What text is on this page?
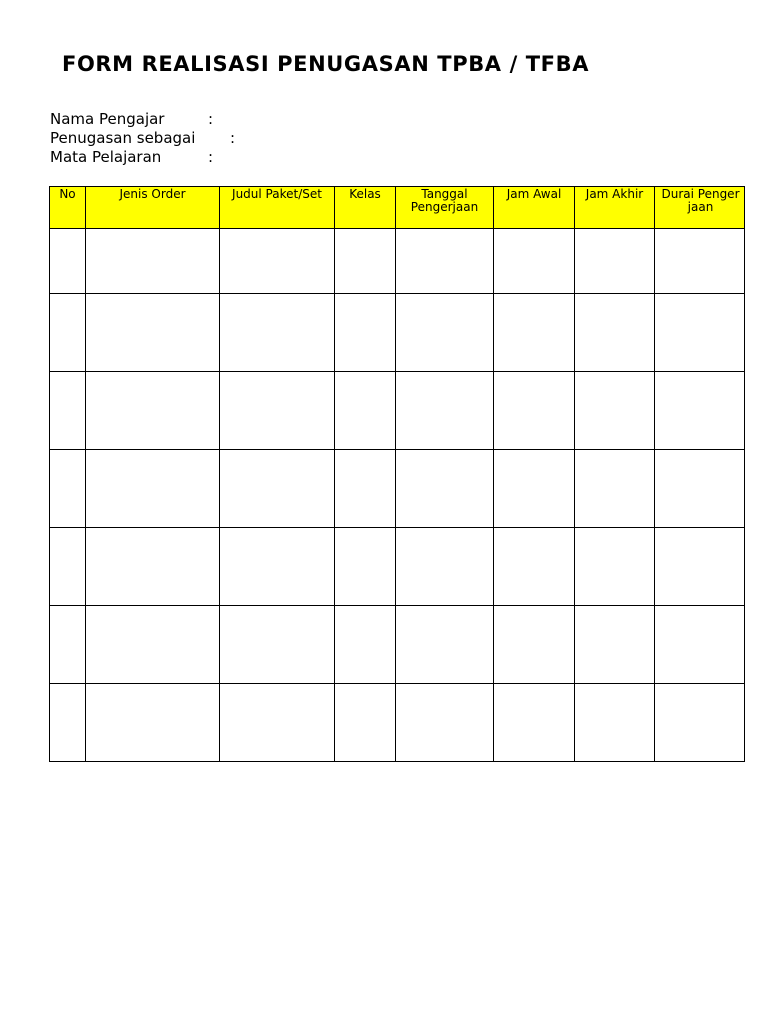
FORM REALISASI PENUGASAN TPBA / TFBA
Nama Pengajar	:
Penugasan sebagai :
Mata Pelajaran	:
No	Jenis Order	Judul Paket/Set	Kelas	Tanggal Pengerjaan	Jam Awal	Jam Akhir	Durai Pengerjaan
